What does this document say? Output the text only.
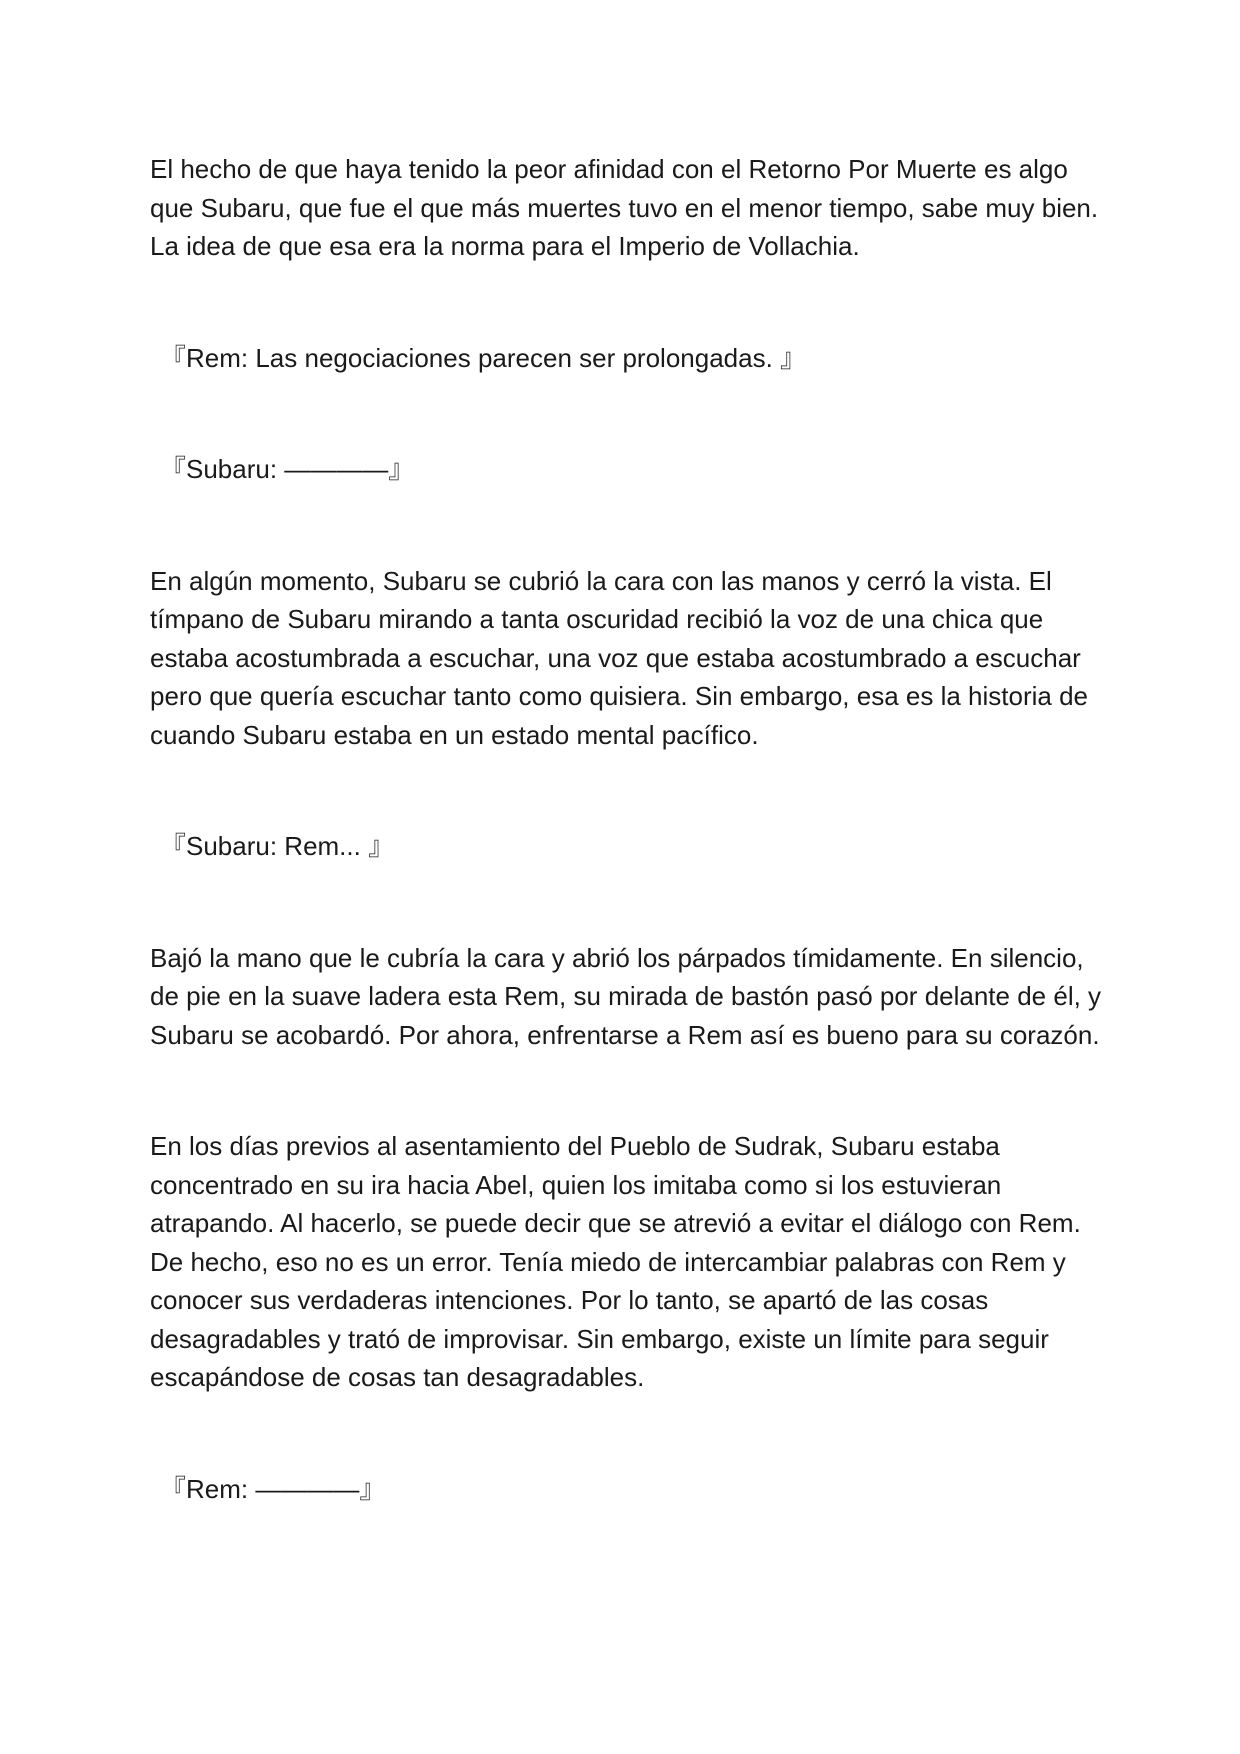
El hecho de que haya tenido la peor afinidad con el Retorno Por Muerte es algo que Subaru, que fue el que más muertes tuvo en el menor tiempo, sabe muy bien. La idea de que esa era la norma para el Imperio de Vollachia.

『Rem: Las negociaciones parecen ser prolongadas. 』

『Subaru: ————』

En algún momento, Subaru se cubrió la cara con las manos y cerró la vista. El tímpano de Subaru mirando a tanta oscuridad recibió la voz de una chica que estaba acostumbrada a escuchar, una voz que estaba acostumbrado a escuchar pero que quería escuchar tanto como quisiera. Sin embargo, esa es la historia de cuando Subaru estaba en un estado mental pacífico.

『Subaru: Rem... 』

Bajó la mano que le cubría la cara y abrió los párpados tímidamente. En silencio, de pie en la suave ladera esta Rem, su mirada de bastón pasó por delante de él, y Subaru se acobardó. Por ahora, enfrentarse a Rem así es bueno para su corazón.

En los días previos al asentamiento del Pueblo de Sudrak, Subaru estaba concentrado en su ira hacia Abel, quien los imitaba como si los estuvieran atrapando. Al hacerlo, se puede decir que se atrevió a evitar el diálogo con Rem. De hecho, eso no es un error. Tenía miedo de intercambiar palabras con Rem y conocer sus verdaderas intenciones. Por lo tanto, se apartó de las cosas desagradables y trató de improvisar. Sin embargo, existe un límite para seguir escapándose de cosas tan desagradables.

『Rem: ————』
